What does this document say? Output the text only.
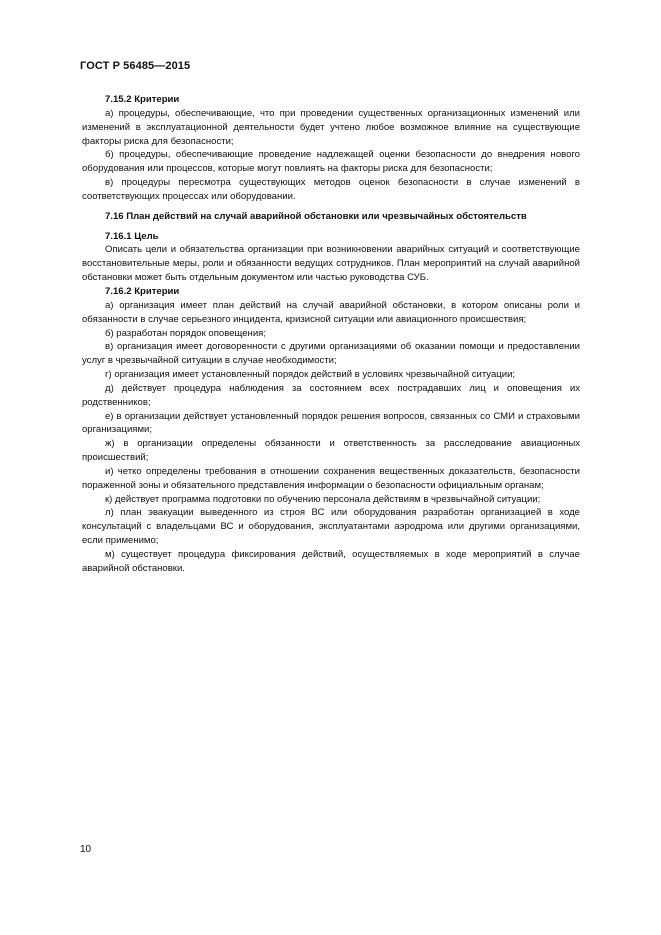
ГОСТ Р 56485—2015

7.15.2 Критерии

а) процедуры, обеспечивающие, что при проведении существенных организационных изменений или изменений в эксплуатационной деятельности будет учтено любое возможное влияние на существующие факторы риска для безопасности;

б) процедуры, обеспечивающие проведение надлежащей оценки безопасности до внедрения нового оборудования или процессов, которые могут повлиять на факторы риска для безопасности;

в) процедуры пересмотра существующих методов оценок безопасности в случае изменений в соответствующих процессах или оборудовании.

7.16 План действий на случай аварийной обстановки или чрезвычайных обстоятельств

7.16.1 Цель

Описать цели и обязательства организации при возникновении аварийных ситуаций и соответствующие восстановительные меры, роли и обязанности ведущих сотрудников. План мероприятий на случай аварийной обстановки может быть отдельным документом или частью руководства СУБ.

7.16.2 Критерии

а) организация имеет план действий на случай аварийной обстановки, в котором описаны роли и обязанности в случае серьезного инцидента, кризисной ситуации или авиационного происшествия;

б) разработан порядок оповещения;

в) организация имеет договоренности с другими организациями об оказании помощи и предоставлении услуг в чрезвычайной ситуации в случае необходимости;

г) организация имеет установленный порядок действий в условиях чрезвычайной ситуации;

д) действует процедура наблюдения за состоянием всех пострадавших лиц и оповещения их родственников;

е) в организации действует установленный порядок решения вопросов, связанных со СМИ и страховыми организациями;

ж) в организации определены обязанности и ответственность за расследование авиационных происшествий;

и) четко определены требования в отношении сохранения вещественных доказательств, безопасности пораженной зоны и обязательного представления информации о безопасности официальным органам;

к) действует программа подготовки по обучению персонала действиям в чрезвычайной ситуации;

л) план эвакуации выведенного из строя ВС или оборудования разработан организацией в ходе консультаций с владельцами ВС и оборудования, эксплуатантами аэродрома или другими организациями, если применимо;

м) существует процедура фиксирования действий, осуществляемых в ходе мероприятий в случае аварийной обстановки.

10
